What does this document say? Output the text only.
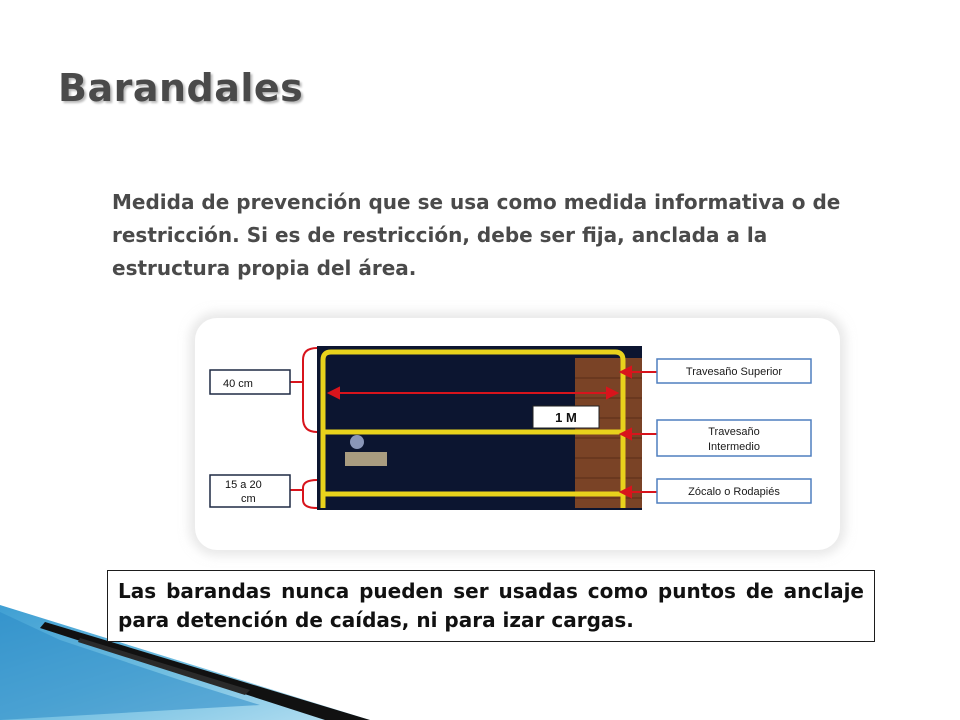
Barandales

Medida de prevención que se usa como medida informativa o de restricción. Si es de restricción, debe ser fija, anclada a la estructura propia del área.

1 M
40 cm
15 a 20
cm
Travesaño Superior
Travesaño
Intermedio
Zócalo o Rodapiés

Las barandas nunca pueden ser usadas como puntos de anclaje para detención de caídas, ni para izar cargas.
